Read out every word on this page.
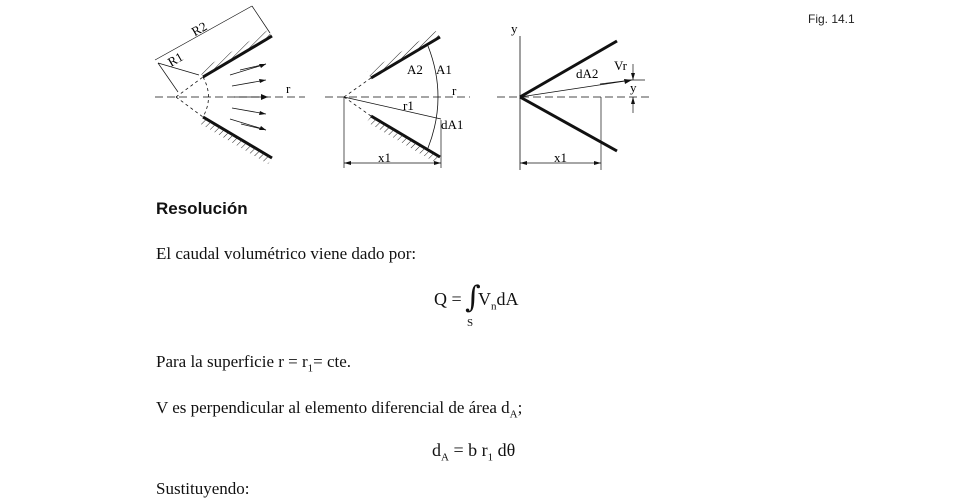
R2
R1
r
A2 A1
r
r1
dA1
x1
y
dA2
Vr
y
x1
Fig. 14.1
Resolución
El caudal volumétrico viene dado por:
Q = ∫
S
$V_ndA$
Para la superficie $r = r_1=$ cte.
V es perpendicular al elemento diferencial de área $d_A$;
$d_A = b$ $r_1$ dθ
Sustituyendo:
